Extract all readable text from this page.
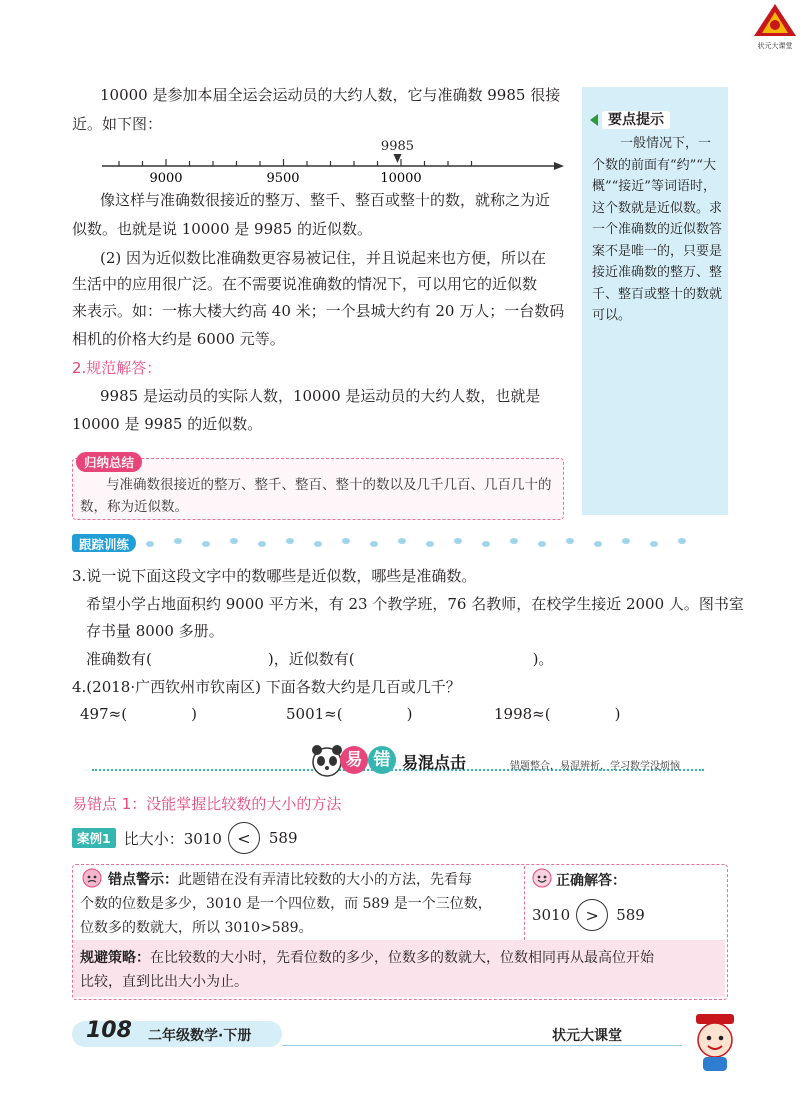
状元大课堂
要点提示
一般情况下，一个数的前面有“约”“大概”“接近”等词语时，这个数就是近似数。求一个准确数的近似数答案不是唯一的，只要是接近准确数的整万、整千、整百或整十的数就可以。
10000 是参加本届全运会运动员的大约人数，它与准确数 9985 很接
近。如下图：
9985
9000	9500	10000
像这样与准确数很接近的整万、整千、整百或整十的数，就称之为近
似数。也就是说 10000 是 9985 的近似数。
(2) 因为近似数比准确数更容易被记住，并且说起来也方便，所以在
生活中的应用很广泛。在不需要说准确数的情况下，可以用它的近似数
来表示。如：一栋大楼大约高 40 米；一个县城大约有 20 万人；一台数码
相机的价格大约是 6000 元等。
2.规范解答：
9985 是运动员的实际人数，10000 是运动员的大约人数，也就是
10000 是 9985 的近似数。
归纳总结
与准确数很接近的整万、整千、整百、整十的数以及几千几百、几百几十的
数，称为近似数。
跟踪训练
3.说一说下面这段文字中的数哪些是近似数，哪些是准确数。
希望小学占地面积约 9000 平方米，有 23 个教学班，76 名教师，在校学生接近 2000 人。图书室
存书量 8000 多册。
准确数有(	)，近似数有(	)。
4.(2018·广西钦州市钦南区) 下面各数大约是几百或几千？
497≈(	)	5001≈(	)	1998≈(	)
易 错 易混点击	错题整合，易混辨析，学习数学没烦恼
易错点 1：没能掌握比较数的大小的方法
案例1 比大小：3010 <	589
错点警示：此题错在没有弄清比较数的大小的方法，先看每
个数的位数是多少，3010 是一个四位数，而 589 是一个三位数，
位数多的数就大，所以 3010>589。
正确解答：
3010 >	589
规避策略：在比较数的大小时，先看位数的多少，位数多的数就大，位数相同再从最高位开始
比较，直到比出大小为止。
108 二年级数学·下册	状元大课堂
